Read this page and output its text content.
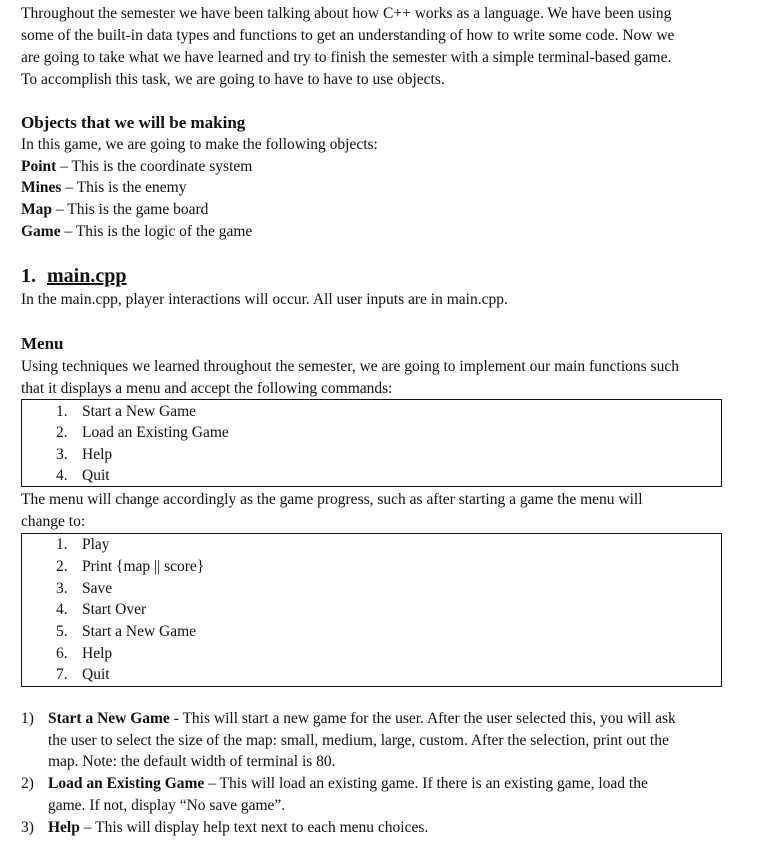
Throughout the semester we have been talking about how C++ works as a language. We have been using
some of the built-in data types and functions to get an understanding of how to write some code. Now we
are going to take what we have learned and try to finish the semester with a simple terminal-based game.
To accomplish this task, we are going to have to have to use objects.
Objects that we will be making
In this game, we are going to make the following objects:
Point – This is the coordinate system
Mines – This is the enemy
Map – This is the game board
Game – This is the logic of the game
1. main.cpp
In the main.cpp, player interactions will occur. All user inputs are in main.cpp.
Menu
Using techniques we learned throughout the semester, we are going to implement our main functions such
that it displays a menu and accept the following commands:
1. Start a New Game
2. Load an Existing Game
3. Help
4. Quit
The menu will change accordingly as the game progress, such as after starting a game the menu will
change to:
1. Play
2. Print {map || score}
3. Save
4. Start Over
5. Start a New Game
6. Help
7. Quit
1) Start a New Game - This will start a new game for the user. After the user selected this, you will ask
the user to select the size of the map: small, medium, large, custom. After the selection, print out the
map. Note: the default width of terminal is 80.
2) Load an Existing Game – This will load an existing game. If there is an existing game, load the
game. If not, display “No save game”.
3) Help – This will display help text next to each menu choices.
